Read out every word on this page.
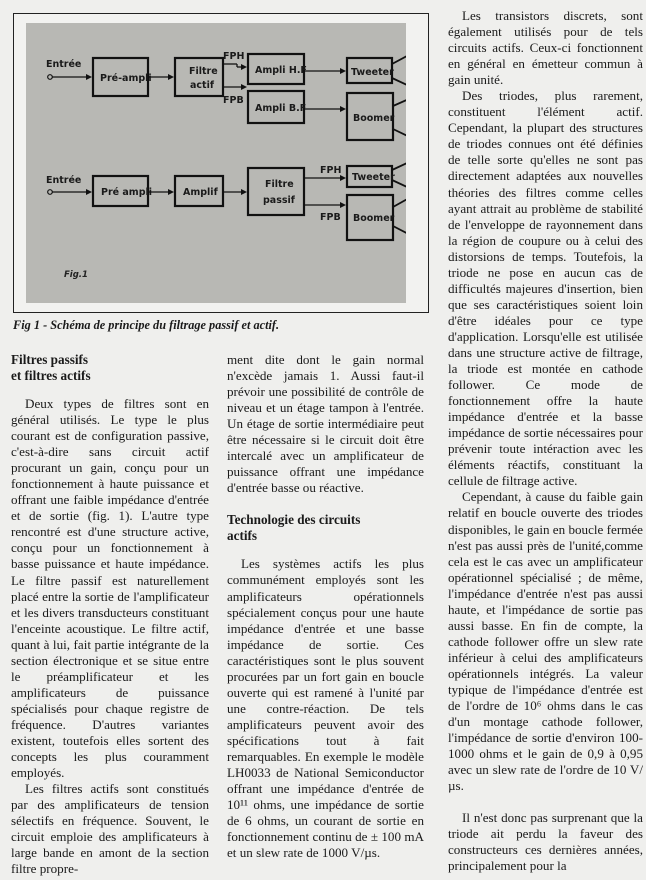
Entrée
Pré-ampli
Filtre
actif
FPH
FPB
Ampli H.F
Ampli B.F
Tweeter
Boomer
Entrée
Pré ampli	Amplif
Filtre
passif
FPH
FPB
Tweeter
Boomer
Fig.1
Fig 1 - Schéma de principe du filtrage passif et actif.
Filtres passifs
et filtres actifs

Deux types de filtres sont en général utilisés. Le type le plus courant est de configuration passive, c'est-à-dire sans circuit actif procurant un gain, conçu pour un fonctionnement à haute puissance et offrant une faible impédance d'entrée et de sortie (fig. 1). L'autre type rencontré est d'une structure active, conçu pour un fonctionnement à basse puissance et haute impédance. Le filtre passif est naturellement placé entre la sortie de l'amplificateur et les divers transducteurs constituant l'enceinte acoustique. Le filtre actif, quant à lui, fait partie intégrante de la section électronique et se situe entre le préamplificateur et les amplificateurs de puissance spécialisés pour chaque registre de fréquence. D'autres variantes existent, toutefois elles sortent des concepts les plus couramment employés.

Les filtres actifs sont constitués par des amplificateurs de tension sélectifs en fréquence. Souvent, le circuit emploie des amplificateurs à large bande en amont de la section filtre propre-

ment dite dont le gain normal n'excède jamais 1. Aussi faut-il prévoir une possibilité de contrôle de niveau et un étage tampon à l'entrée. Un étage de sortie intermédiaire peut être nécessaire si le circuit doit être intercalé avec un amplificateur de puissance offrant une impédance d'entrée basse ou réactive.

Technologie des circuits
actifs

Les systèmes actifs les plus communément employés sont les amplificateurs opérationnels spécialement conçus pour une haute impédance d'entrée et une basse impédance de sortie. Ces caractéristiques sont le plus souvent procurées par un fort gain en boucle ouverte qui est ramené à l'unité par une contre-réaction. De tels amplificateurs peuvent avoir des spécifications tout à fait remarquables. En exemple le modèle LH0033 de National Semiconductor offrant une impédance d'entrée de 10¹¹ ohms, une impédance de sortie de 6 ohms, un courant de sortie en fonctionnement continu de ± 100 mA et un slew rate de 1000 V/µs.

Les transistors discrets, sont également utilisés pour de tels circuits actifs. Ceux-ci fonctionnent en général en émetteur commun à gain unité.

Des triodes, plus rarement, constituent l'élément actif. Cependant, la plupart des structures de triodes connues ont été définies de telle sorte qu'elles ne sont pas directement adaptées aux nouvelles théories des filtres comme celles ayant attrait au problème de stabilité de l'enveloppe de rayonnement dans la région de coupure ou à celui des distorsions de temps. Toutefois, la triode ne pose en aucun cas de difficultés majeures d'insertion, bien que ses caractéristiques soient loin d'être idéales pour ce type d'application. Lorsqu'elle est utilisée dans une structure active de filtrage, la triode est montée en cathode follower. Ce mode de fonctionnement offre la haute impédance d'entrée et la basse impédance de sortie nécessaires pour prévenir toute intéraction avec les éléments réactifs, constituant la cellule de filtrage active.

Cependant, à cause du faible gain relatif en boucle ouverte des triodes disponibles, le gain en boucle fermée n'est pas aussi près de l'unité,comme cela est le cas avec un amplificateur opérationnel spécialisé ; de même, l'impédance d'entrée n'est pas aussi haute, et l'impédance de sortie pas aussi basse. En fin de compte, la cathode follower offre un slew rate inférieur à celui des amplificateurs opérationnels intégrés. La valeur typique de l'impédance d'entrée est de l'ordre de 10⁶ ohms dans le cas d'un montage cathode follower, l'impédance de sortie d'environ 100-1000 ohms et le gain de 0,9 à 0,95 avec un slew rate de l'ordre de 10 V/µs.

Il n'est donc pas surprenant que la triode ait perdu la faveur des constructeurs ces dernières années, principalement pour la
